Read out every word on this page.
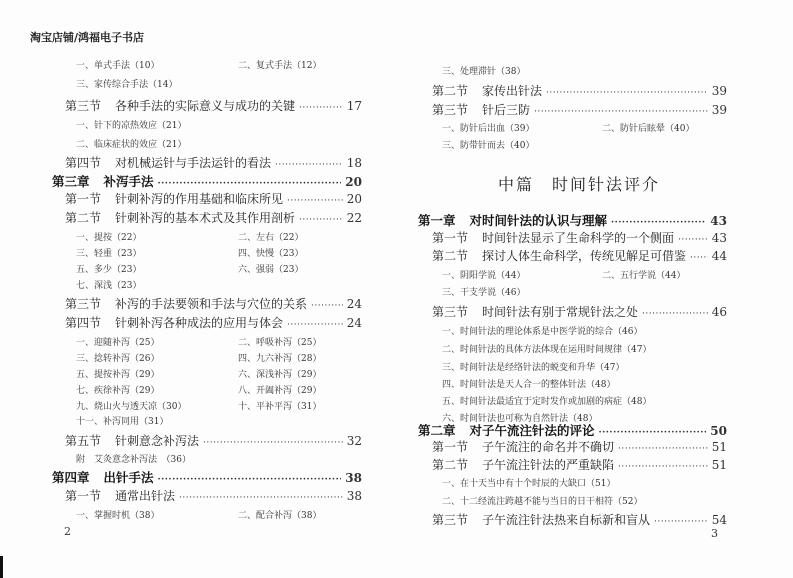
淘宝店铺/鸿福电子书店
2
一、单式手法（10）	二、复式手法（12）
三、家传综合手法（14）
第三节 各种手法的实际意义与成功的关键 ·····	17
一、针下的凉热效应（21）
二、临床症状的效应（21）
第四节 对机械运针与手法运针的看法 ·····	18
第三章 补泻手法 ·····	20
第一节 针刺补泻的作用基础和临床所见 ·····	20
第二节 针刺补泻的基本术式及其作用剖析 ·····	22
一、提按（22）	二、左右（22）
三、轻重（23）	四、快慢（23）
五、多少（23）	六、强弱（23）
七、深浅（23）
第三节 补泻的手法要领和手法与穴位的关系 ·····	24
第四节 针刺补泻各种成法的应用与体会 ·····	24
一、迎随补泻（25）	二、呼吸补泻（25）
三、捻转补泻（26）	四、九六补泻（28）
五、提按补泻（29）	六、深浅补泻（29）
七、疾徐补泻（29）	八、开阖补泻（29）
九、烧山火与透天凉（30）	十、平补平泻（31）
十一、补泻同用（31）
第五节 针刺意念补泻法 ·····	32
附　艾灸意念补泻法　（36）
第四章 出针手法 ·····	38
第一节 通常出针法 ·····	38
一、掌握时机（38）	二、配合补泻（38）
中篇　时间针法评介
3
三、处理滞针（38）
第二节 家传出针法 ·····	39
第三节 针后三防 ·····	39
一、防针后出血（39）	二、防针后眩晕（40）
三、防带针而去（40）
第一章 对时间针法的认识与理解 ·····	43
第一节 时间针法显示了生命科学的一个侧面 ·····	43
第二节 探讨人体生命科学，传统见解足可借鉴 ····· 44
一、阴阳学说（44）	二、五行学说（44）
三、干支学说（46）
第三节 时间针法有别于常规针法之处 ·····	46
一、时间针法的理论体系是中医学说的综合（46）
二、时间针法的具体方法体现在运用时间规律（47）
三、时间针法是经络针法的蜕变和升华（47）
四、时间针法是天人合一的整体针法（48）
五、时间针法最适宜于定时发作或加剧的病症（48）
六、时间针法也可称为自然针法（48）
第二章 对子午流注针法的评论 ·····	50
第一节 子午流注的命名并不确切 ·····	51
第二节 子午流注针法的严重缺陷 ·····	51
一、在十天当中有十个时辰的大缺口（51）
二、十二经流注跨越不能与当日的日干相符（52）
第三节 子午流注针法热来自标新和盲从 ·····	54
